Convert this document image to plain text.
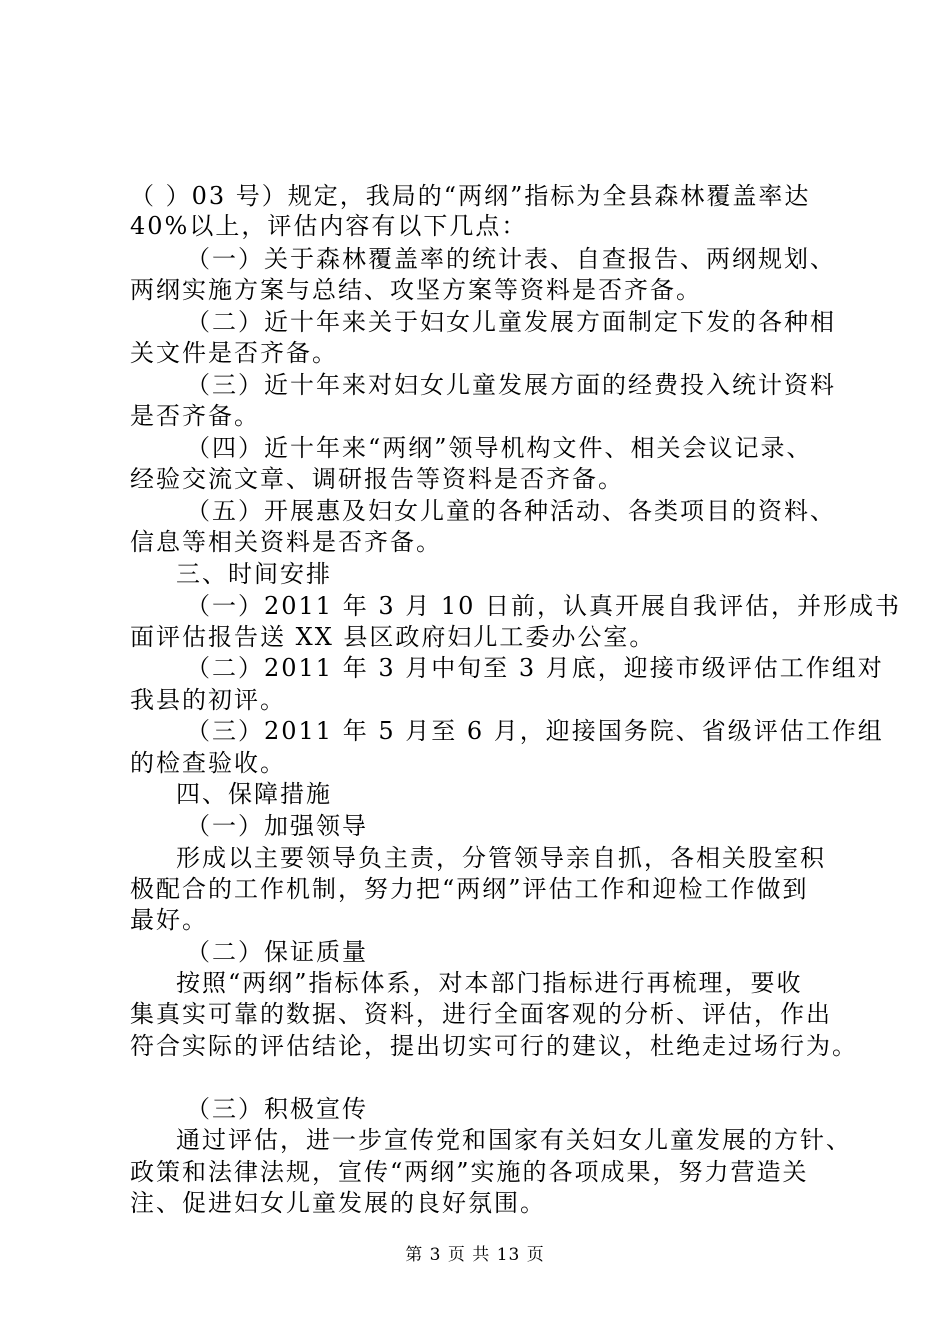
（ ）03 号）规定，我局的“两纲”指标为全县森林覆盖率达
40%以上，评估内容有以下几点：
（一）关于森林覆盖率的统计表、自查报告、两纲规划、
两纲实施方案与总结、攻坚方案等资料是否齐备。
（二）近十年来关于妇女儿童发展方面制定下发的各种相
关文件是否齐备。
（三）近十年来对妇女儿童发展方面的经费投入统计资料
是否齐备。
（四）近十年来“两纲”领导机构文件、相关会议记录、
经验交流文章、调研报告等资料是否齐备。
（五）开展惠及妇女儿童的各种活动、各类项目的资料、
信息等相关资料是否齐备。
三、时间安排
（一）2011 年 3 月 10 日前，认真开展自我评估，并形成书
面评估报告送 XX 县区政府妇儿工委办公室。
（二）2011 年 3 月中旬至 3 月底，迎接市级评估工作组对
我县的初评。
（三）2011 年 5 月至 6 月，迎接国务院、省级评估工作组
的检查验收。
四、保障措施
（一）加强领导
形成以主要领导负主责，分管领导亲自抓，各相关股室积
极配合的工作机制，努力把“两纲”评估工作和迎检工作做到
最好。
（二）保证质量
按照“两纲”指标体系，对本部门指标进行再梳理，要收
集真实可靠的数据、资料，进行全面客观的分析、评估，作出
符合实际的评估结论，提出切实可行的建议，杜绝走过场行为。
（三）积极宣传
通过评估，进一步宣传党和国家有关妇女儿童发展的方针、
政策和法律法规，宣传“两纲”实施的各项成果，努力营造关
注、促进妇女儿童发展的良好氛围。
第 3 页 共 13 页
